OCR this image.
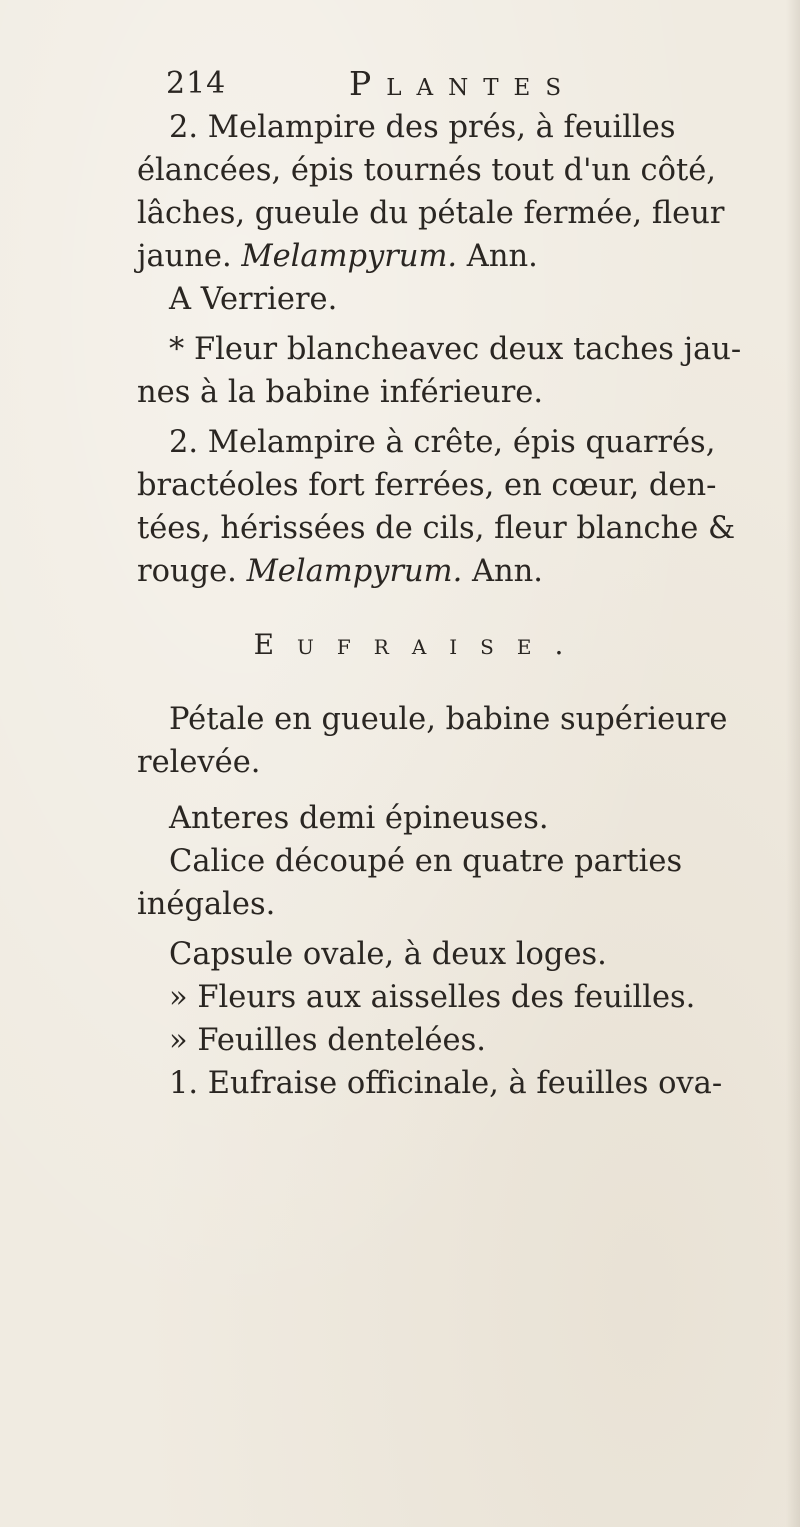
214	Plantes
2. Melampire des prés, à feuilles
élancées, épis tournés tout d'un côté,
lâches, gueule du pétale fermée, fleur
jaune. Melampyrum. Ann.
A Verriere.
* Fleur blancheavec deux taches jau-
nes à la babine inférieure.
2. Melampire à crête, épis quarrés,
bractéoles fort ferrées, en cœur, den-
tées, hérissées de cils, fleur blanche &
rouge. Melampyrum. Ann.
Eufraise.
Pétale en gueule, babine supérieure
relevée.
Anteres demi épineuses.
Calice découpé en quatre parties
inégales.
Capsule ovale, à deux loges.
» Fleurs aux aisselles des feuilles.
» Feuilles dentelées.
1. Eufraise officinale, à feuilles ova-
